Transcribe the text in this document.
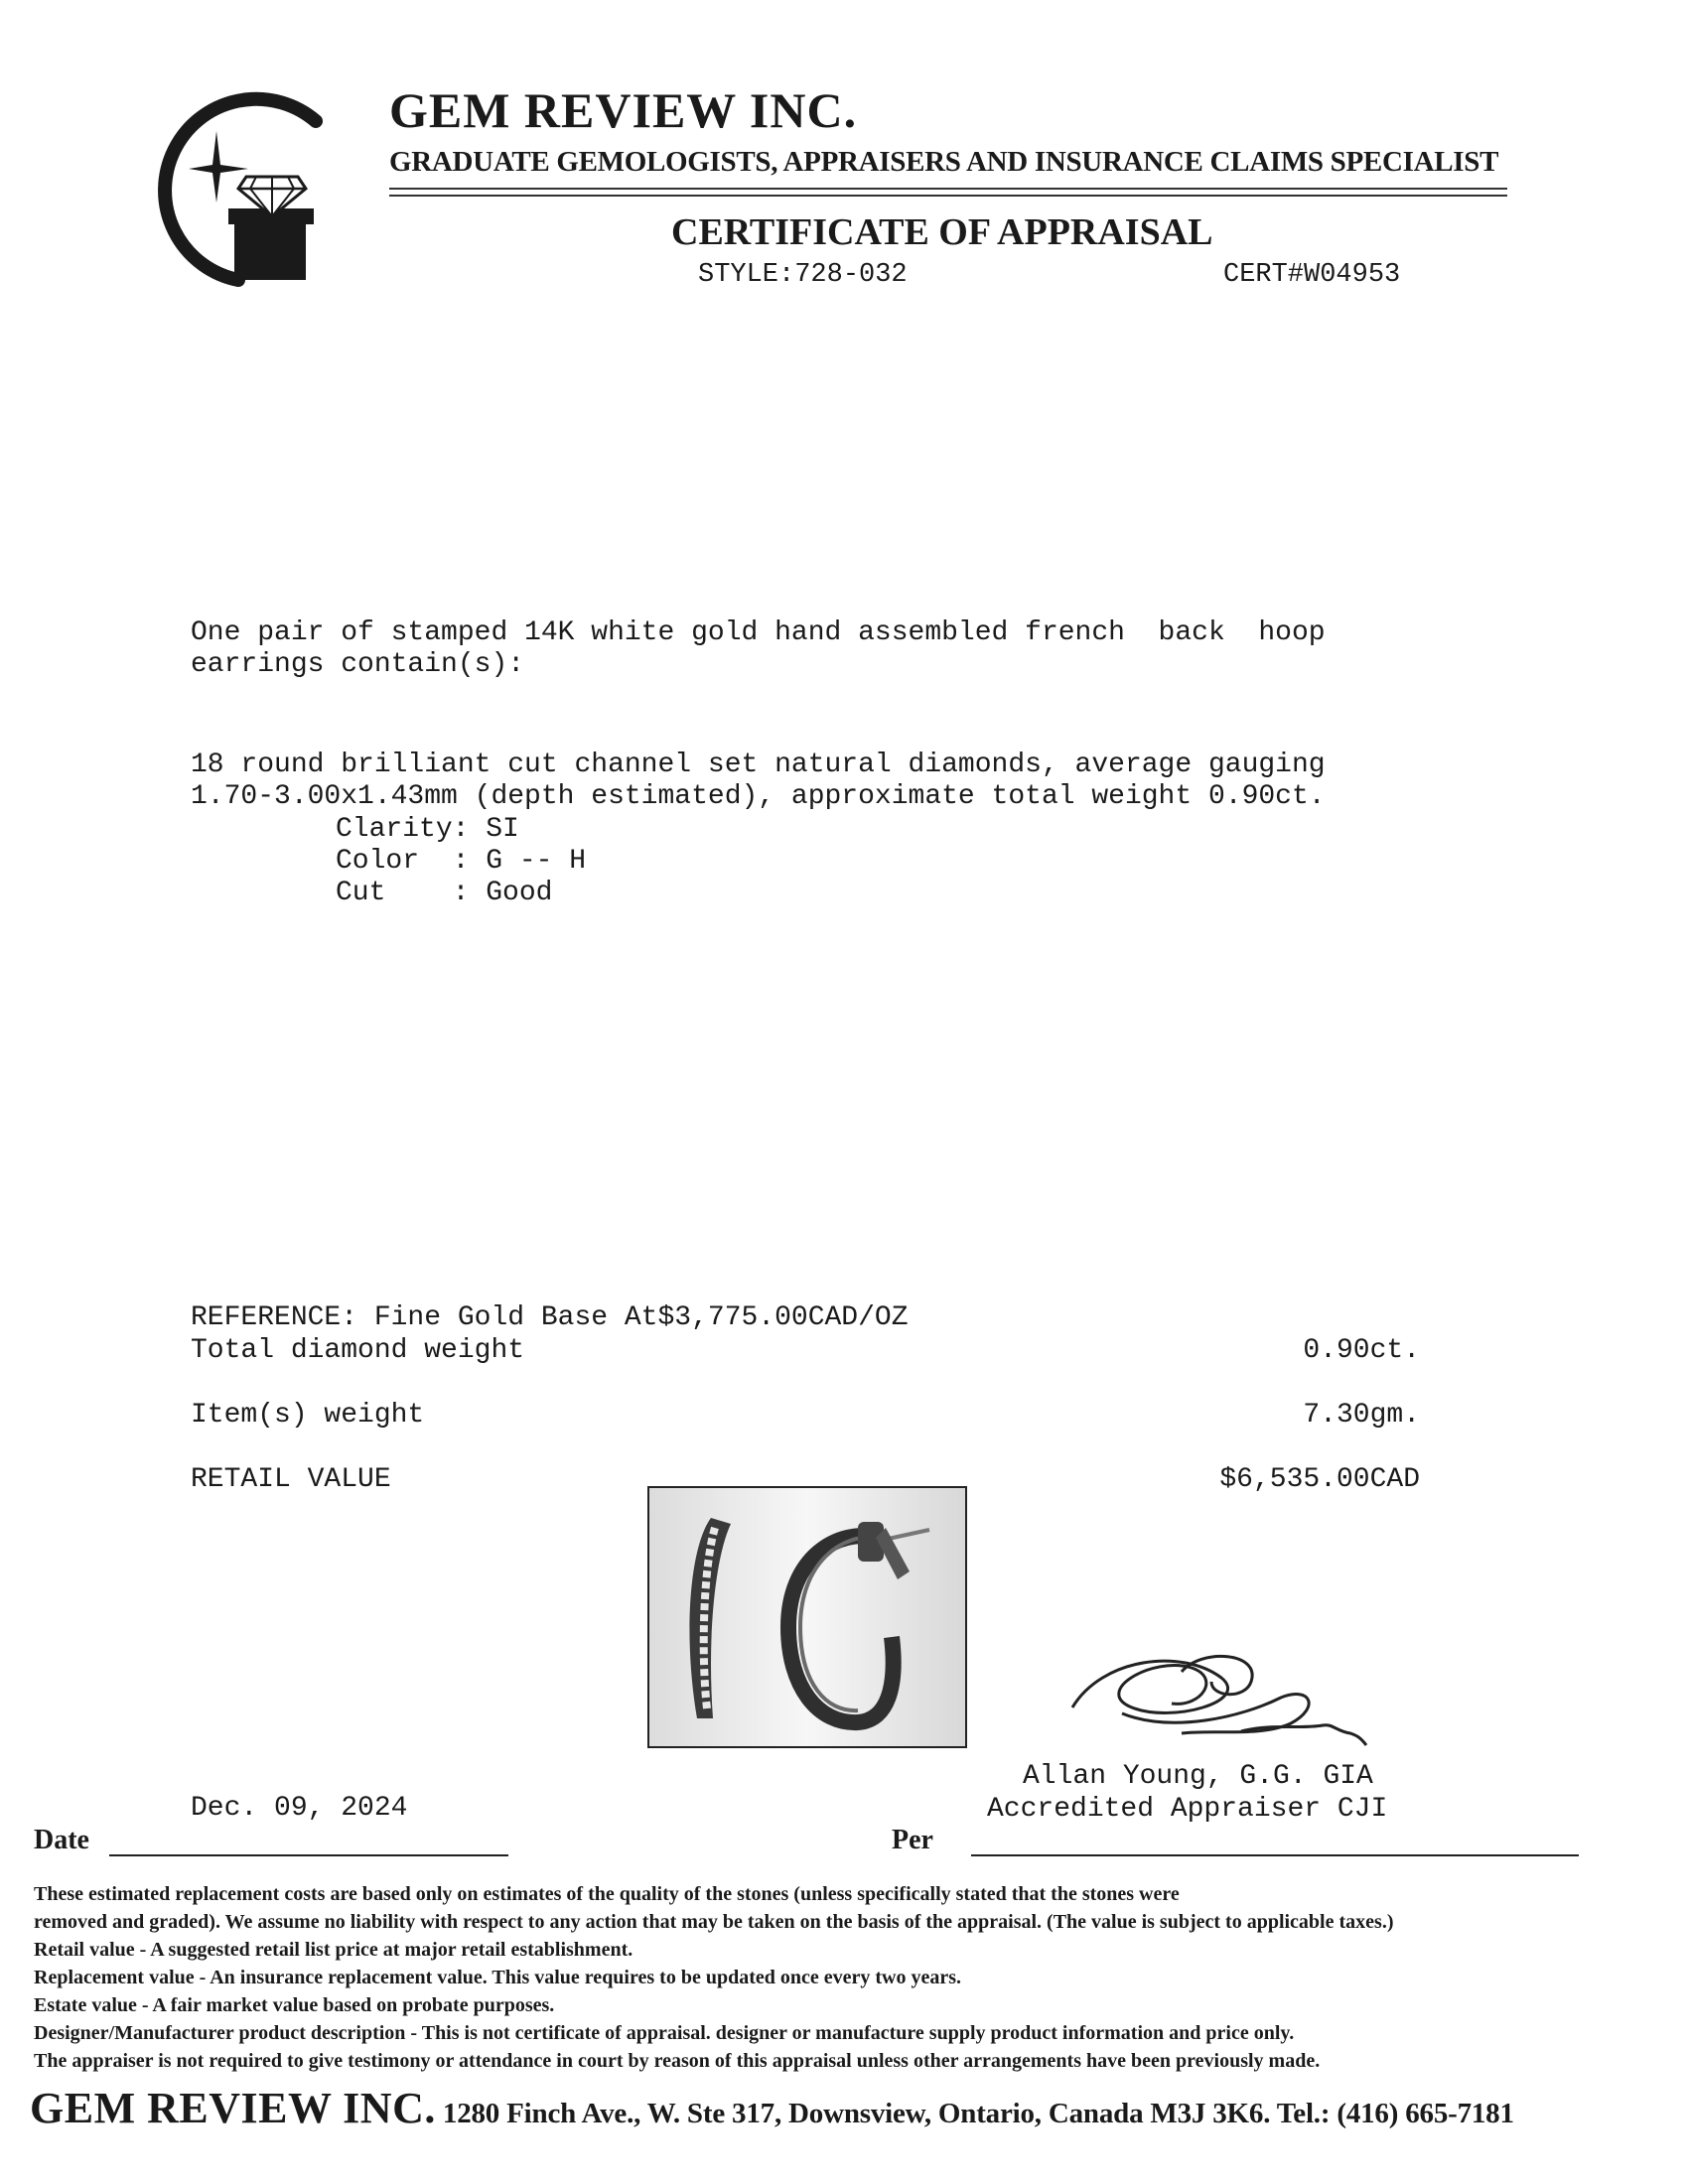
GEM REVIEW INC.
GRADUATE GEMOLOGISTS, APPRAISERS AND INSURANCE CLAIMS SPECIALIST
CERTIFICATE OF APPRAISAL
STYLE:728-032	CERT#W04953
One pair of stamped 14K white gold hand assembled french  back  hoop
earrings contain(s):
18 round brilliant cut channel set natural diamonds, average gauging
1.70-3.00x1.43mm (depth estimated), approximate total weight 0.90ct.
Clarity: SI
Color  : G -- H
Cut    : Good
REFERENCE: Fine Gold Base At$3,775.00CAD/OZ
Total diamond weight	0.90ct.
Item(s) weight	7.30gm.
RETAIL VALUE	$6,535.00CAD
Allan Young, G.G. GIA
Accredited Appraiser CJI
Dec. 09, 2024
Date	Per
These estimated replacement costs are based only on estimates of the quality of the stones (unless specifically stated that the stones were
removed and graded). We assume no liability with respect to any action that may be taken on the basis of the appraisal. (The value is subject to applicable taxes.)
Retail value - A suggested retail list price at major retail establishment.
Replacement value - An insurance replacement value. This value requires to be updated once every two years.
Estate value - A fair market value based on probate purposes.
Designer/Manufacturer product description - This is not certificate of appraisal. designer or manufacture supply product information and price only.
The appraiser is not required to give testimony or attendance in court by reason of this appraisal unless other arrangements have been previously made.
GEM REVIEW INC. 1280 Finch Ave., W. Ste 317, Downsview, Ontario, Canada M3J 3K6. Tel.: (416) 665-7181
